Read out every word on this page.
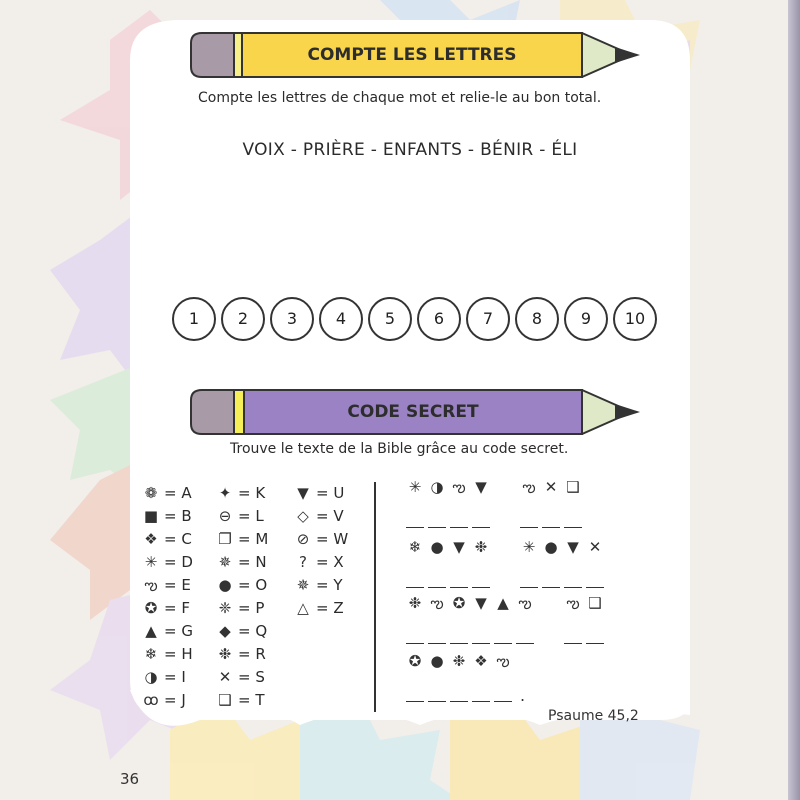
COMPTE LES LETTRES
Compte les lettres de chaque mot et relie-le au bon total.
VOIX - PRIÈRE - ENFANTS - BÉNIR - ÉLI
1	2	3	4	5	6	7	8	9	10
CODE SECRET
Trouve le texte de la Bible grâce au code secret.
❁ = A
■ = B
❖ = C
✳ = D
ఌ = E
✪ = F
▲ = G
❄ = H
◑ = I
ꝏ = J
✦ = K
⊖ = L
❐ = M
✵ = N
● = O
❈ = P
◆ = Q
❉ = R
✕ = S
❑ = T
▼ = U
◇ = V
⊘ = W
? = X
✵ = Y
△ = Z
✳ ◑ ఌ ▼	ఌ ✕ ❑
❄ ● ▼ ❉	✳ ● ▼ ✕
❉ ఌ ✪ ▼ ▲ ఌ ఌ ❑
✪ ● ❉ ❖ ఌ
.
Psaume 45,2
36
